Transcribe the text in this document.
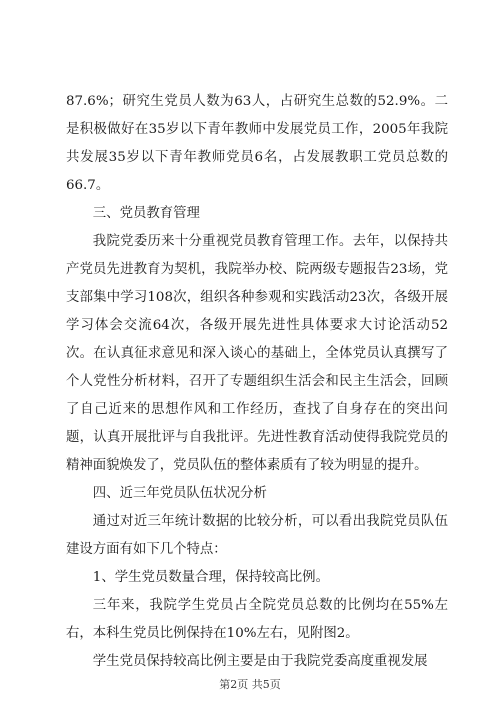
87.6%；研究生党员人数为63人，占研究生总数的52.9%。二是积极做好在35岁以下青年教师中发展党员工作，2005年我院共发展35岁以下青年教师党员6名，占发展教职工党员总数的66.7。

三、党员教育管理

我院党委历来十分重视党员教育管理工作。去年，以保持共产党员先进教育为契机，我院举办校、院两级专题报告23场，党支部集中学习108次，组织各种参观和实践活动23次，各级开展学习体会交流64次，各级开展先进性具体要求大讨论活动52次。在认真征求意见和深入谈心的基础上，全体党员认真撰写了个人党性分析材料，召开了专题组织生活会和民主生活会，回顾了自己近来的思想作风和工作经历，查找了自身存在的突出问题，认真开展批评与自我批评。先进性教育活动使得我院党员的精神面貌焕发了，党员队伍的整体素质有了较为明显的提升。

四、近三年党员队伍状况分析

通过对近三年统计数据的比较分析，可以看出我院党员队伍建设方面有如下几个特点：

1、学生党员数量合理，保持较高比例。

三年来，我院学生党员占全院党员总数的比例均在55%左右，本科生党员比例保持在10%左右，见附图2。

学生党员保持较高比例主要是由于我院党委高度重视发展

第2页 共5页
